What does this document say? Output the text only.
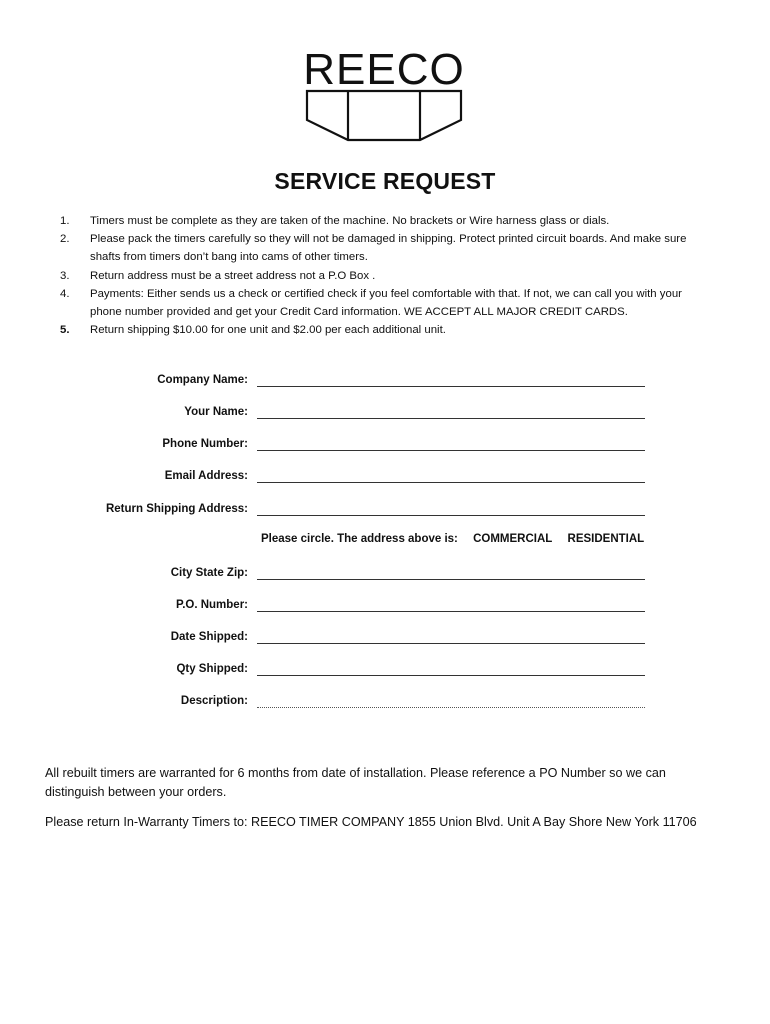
REECO
SERVICE REQUEST
1.	Timers must be complete as they are taken of the machine. No brackets or Wire harness glass or dials.
2.	Please pack the timers carefully so they will not be damaged in shipping. Protect printed circuit boards. And make sure shafts from timers don’t bang into cams of other timers.
3.	Return address must be a street address not a P.O Box .
4.	Payments: Either sends us a check or certified check if you feel comfortable with that. If not, we can call you with your phone number provided and get your Credit Card information. WE ACCEPT ALL MAJOR CREDIT CARDS.
5.	Return shipping $10.00 for one unit and $2.00 per each additional unit.
Company Name:
Your Name:
Phone Number:
Email Address:
Return Shipping Address:
Please circle. The address above is: COMMERCIAL RESIDENTIAL
City State Zip:
P.O. Number:
Date Shipped:
Qty Shipped:
Description:
All rebuilt timers are warranted for 6 months from date of installation. Please reference a PO Number so we can distinguish between your orders.
Please return In-Warranty Timers to: REECO TIMER COMPANY 1855 Union Blvd. Unit A Bay Shore New York 11706
